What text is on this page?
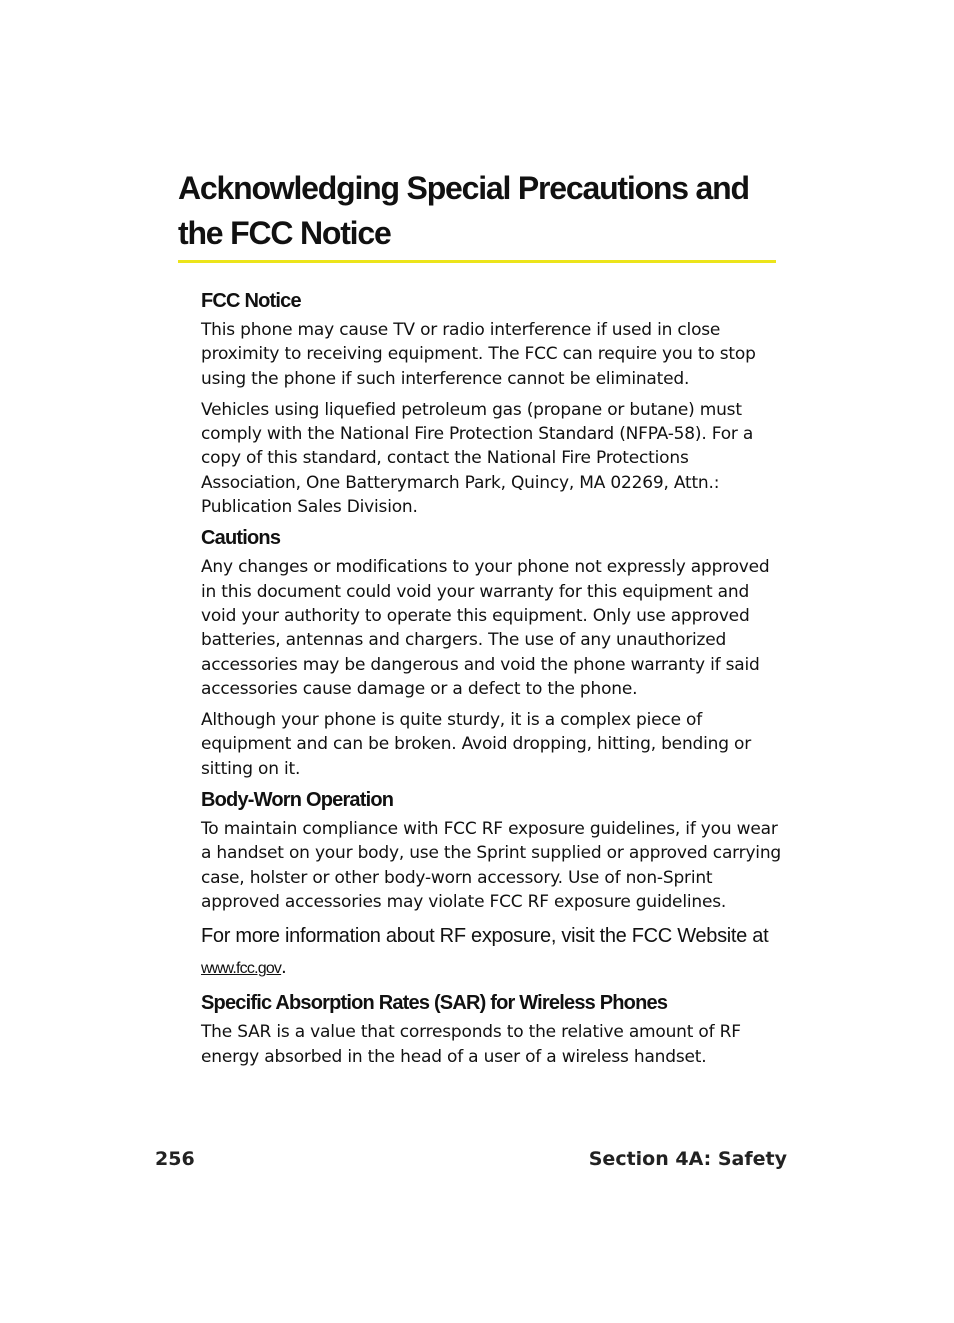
Acknowledging Special Precautions and the FCC Notice
FCC Notice

This phone may cause TV or radio interference if used in close proximity to receiving equipment. The FCC can require you to stop using the phone if such interference cannot be eliminated.

Vehicles using liquefied petroleum gas (propane or butane) must comply with the National Fire Protection Standard (NFPA-58). For a copy of this standard, contact the National Fire Protections Association, One Batterymarch Park, Quincy, MA 02269, Attn.: Publication Sales Division.

Cautions

Any changes or modifications to your phone not expressly approved in this document could void your warranty for this equipment and void your authority to operate this equipment. Only use approved batteries, antennas and chargers. The use of any unauthorized accessories may be dangerous and void the phone warranty if said accessories cause damage or a defect to the phone.

Although your phone is quite sturdy, it is a complex piece of equipment and can be broken. Avoid dropping, hitting, bending or sitting on it.

Body-Worn Operation

To maintain compliance with FCC RF exposure guidelines, if you wear a handset on your body, use the Sprint supplied or approved carrying case, holster or other body-worn accessory. Use of non-Sprint approved accessories may violate FCC RF exposure guidelines.

For more information about RF exposure, visit the FCC Website at www.fcc.gov.

Specific Absorption Rates (SAR) for Wireless Phones

The SAR is a value that corresponds to the relative amount of RF energy absorbed in the head of a user of a wireless handset.

256	Section 4A: Safety
